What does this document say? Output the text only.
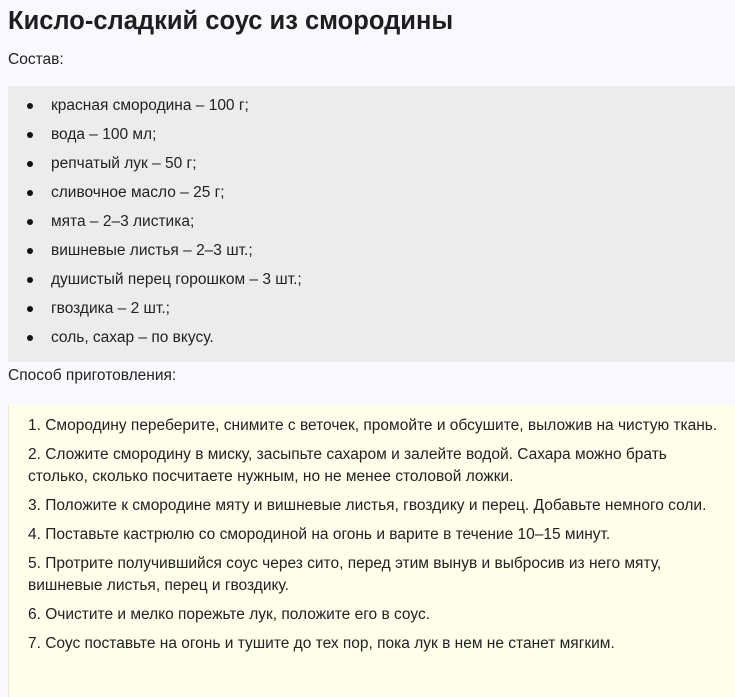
Кисло-сладкий соус из смородины
Состав:
красная смородина – 100 г;
вода – 100 мл;
репчатый лук – 50 г;
сливочное масло – 25 г;
мята – 2–3 листика;
вишневые листья – 2–3 шт.;
душистый перец горошком – 3 шт.;
гвоздика – 2 шт.;
соль, сахар – по вкусу.
Способ приготовления:
1. Смородину переберите, снимите с веточек, промойте и обсушите, выложив на чистую ткань.
2. Сложите смородину в миску, засыпьте сахаром и залейте водой. Сахара можно брать столько, сколько посчитаете нужным, но не менее столовой ложки.
3. Положите к смородине мяту и вишневые листья, гвоздику и перец. Добавьте немного соли.
4. Поставьте кастрюлю со смородиной на огонь и варите в течение 10–15 минут.
5. Протрите получившийся соус через сито, перед этим вынув и выбросив из него мяту, вишневые листья, перец и гвоздику.
6. Очистите и мелко порежьте лук, положите его в соус.
7. Соус поставьте на огонь и тушите до тех пор, пока лук в нем не станет мягким.
